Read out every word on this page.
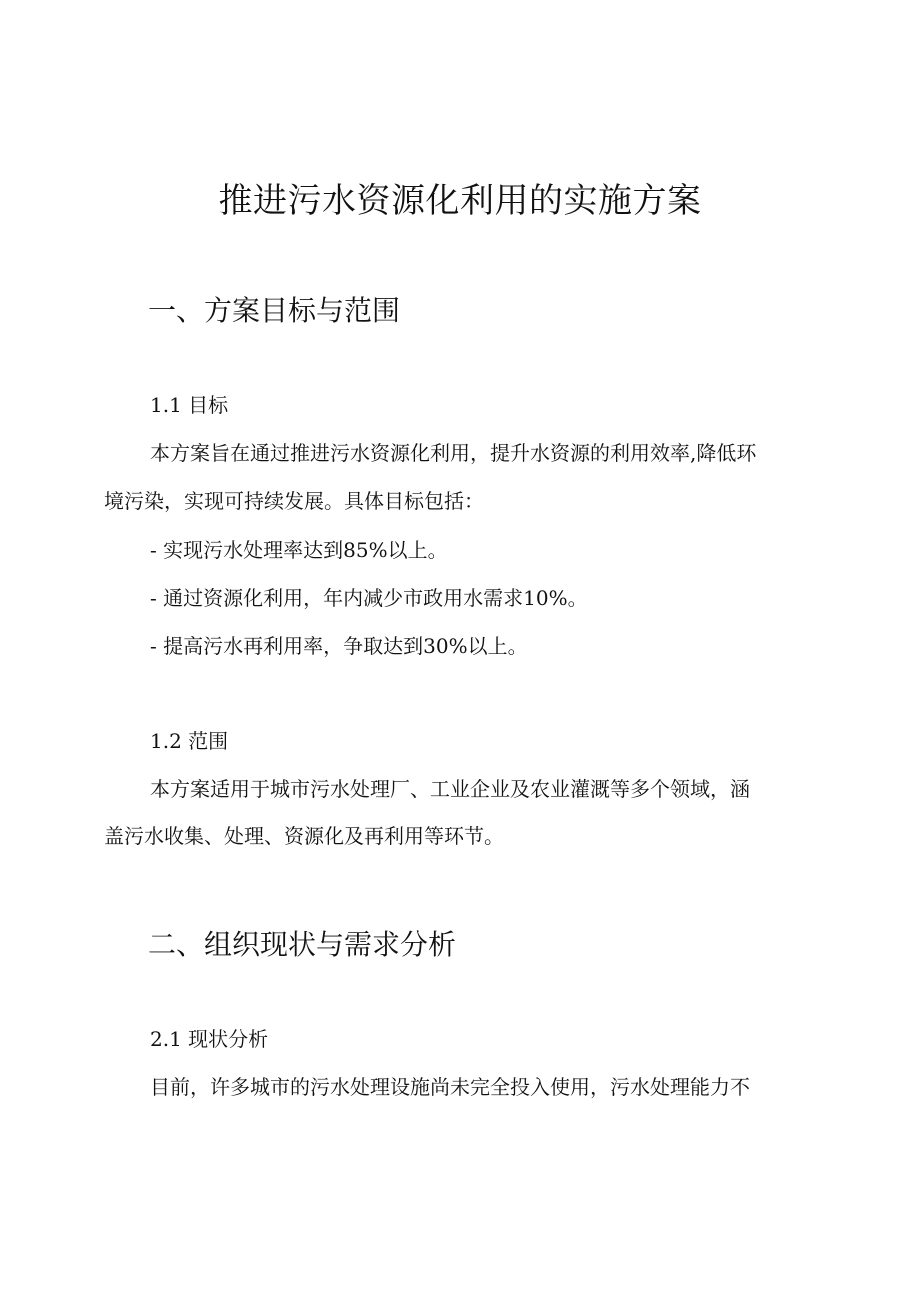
推进污水资源化利用的实施方案
一、方案目标与范围
1.1 目标

本方案旨在通过推进污水资源化利用，提升水资源的利用效率,降低环

境污染，实现可持续发展。具体目标包括：

- 实现污水处理率达到85%以上。

- 通过资源化利用，年内减少市政用水需求10%。

- 提高污水再利用率，争取达到30%以上。

1.2 范围

本方案适用于城市污水处理厂、工业企业及农业灌溉等多个领域，涵

盖污水收集、处理、资源化及再利用等环节。

二、组织现状与需求分析
2.1 现状分析

目前，许多城市的污水处理设施尚未完全投入使用，污水处理能力不
